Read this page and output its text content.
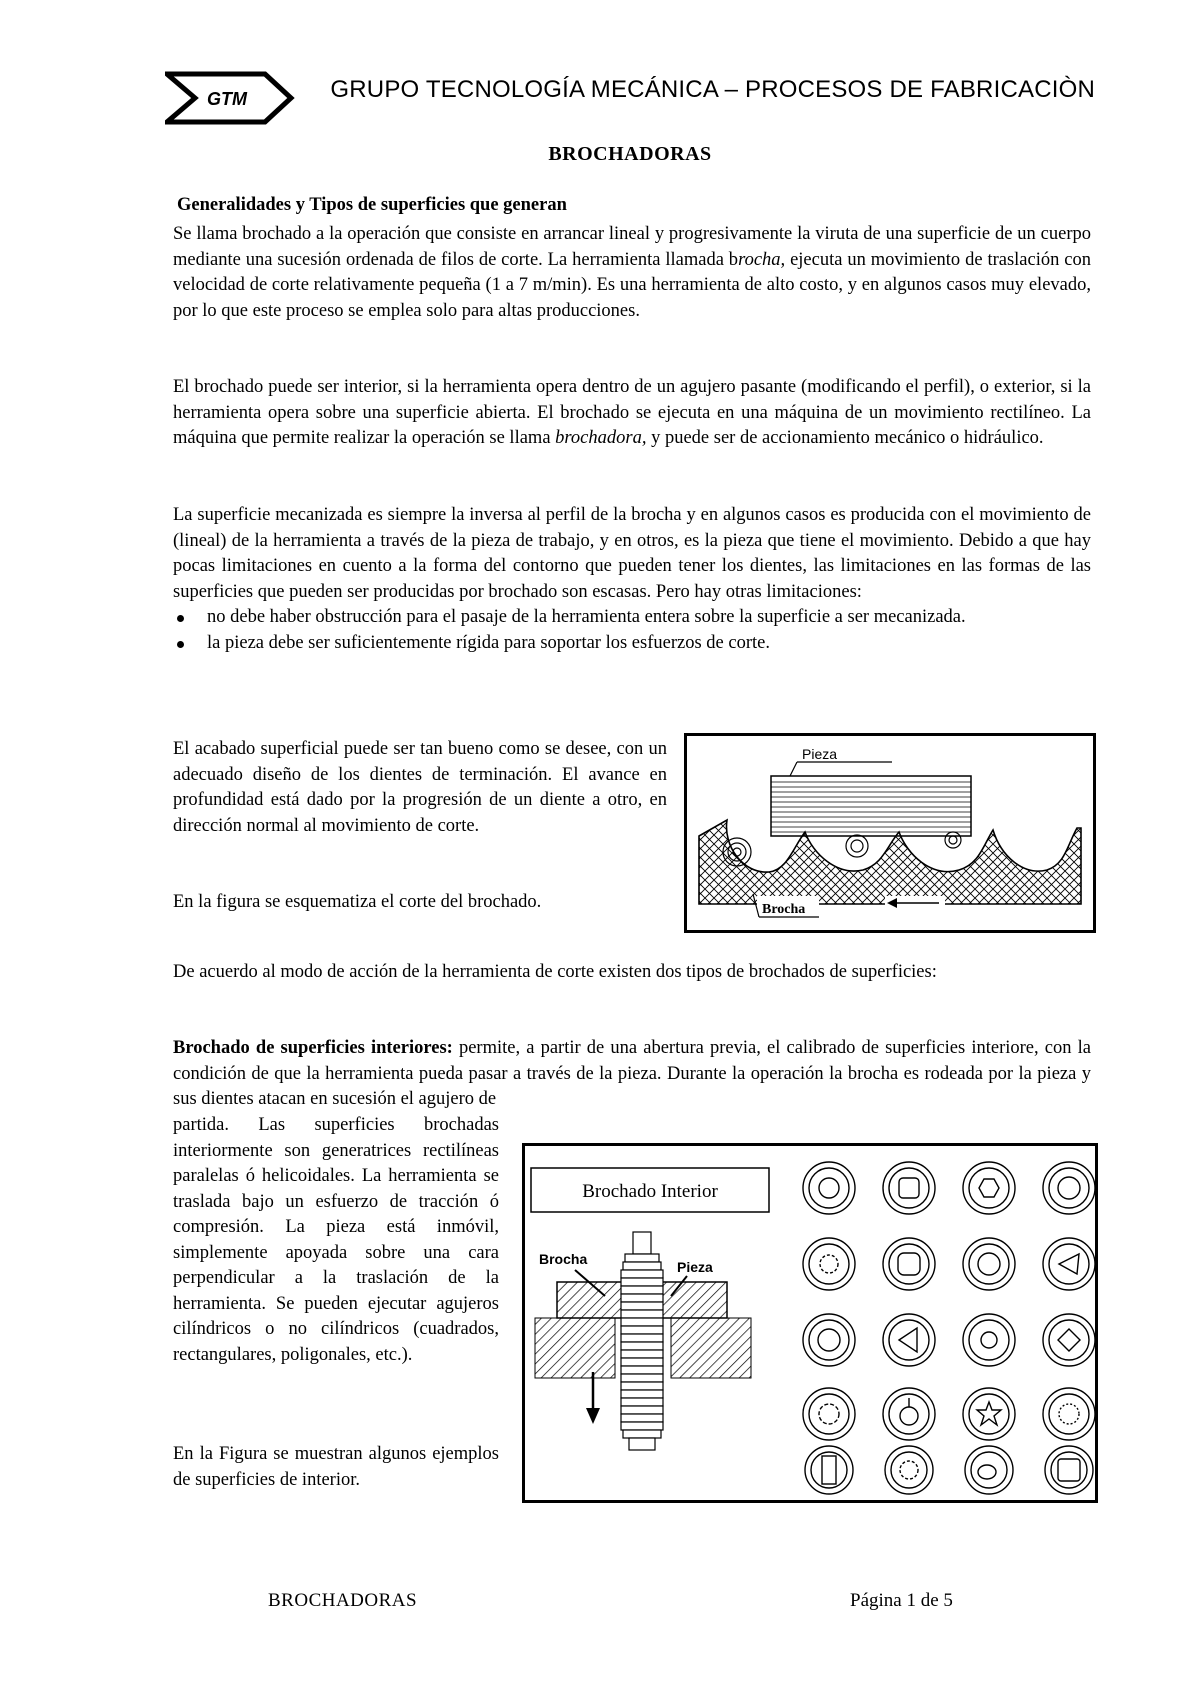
GTM	GRUPO TECNOLOGÍA MECÁNICA – PROCESOS DE FABRICACIÒN
BROCHADORAS
Generalidades y Tipos de superficies que generan

Se llama brochado a la operación que consiste en arrancar lineal y progresivamente la viruta de una superficie de un cuerpo mediante una sucesión ordenada de filos de corte. La herramienta llamada brocha, ejecuta un movimiento de traslación con velocidad de corte relativamente pequeña (1 a 7 m/min). Es una herramienta de alto costo, y en algunos casos muy elevado, por lo que este proceso se emplea solo para altas producciones.

El brochado puede ser interior, si la herramienta opera dentro de un agujero pasante (modificando el perfil), o exterior, si la herramienta opera sobre una superficie abierta. El brochado se ejecuta en una máquina de un movimiento rectilíneo. La máquina que permite realizar la operación se llama brochadora, y puede ser de accionamiento mecánico o hidráulico.

La superficie mecanizada es siempre la inversa al perfil de la brocha y en algunos casos es producida con el movimiento de (lineal) de la herramienta a través de la pieza de trabajo, y en otros, es la pieza que tiene el movimiento. Debido a que hay pocas limitaciones en cuento a la forma del contorno que pueden tener los dientes, las limitaciones en las formas de las superficies que pueden ser producidas por brochado son escasas. Pero hay otras limitaciones:

no debe haber obstrucción para el pasaje de la herramienta entera sobre la superficie a ser mecanizada.
la pieza debe ser suficientemente rígida para soportar los esfuerzos de corte.

El acabado superficial puede ser tan bueno como se desee, con un adecuado diseño de los dientes de terminación. El avance en profundidad está dado por la progresión de un diente a otro, en dirección normal al movimiento de corte.

En la figura se esquematiza el corte del brochado.

Pieza
Brocha

De acuerdo al modo de acción de la herramienta de corte existen dos tipos de brochados de superficies:

Brochado de superficies interiores: permite, a partir de una abertura previa, el calibrado de superficies interiore, con la condición de que la herramienta pueda pasar a través de la pieza. Durante la operación la brocha es rodeada por la pieza y sus dientes atacan en sucesión el agujero de

partida. Las superficies brochadas interiormente son generatrices rectilíneas paralelas ó helicoidales. La herramienta se traslada bajo un esfuerzo de tracción ó compresión. La pieza está inmóvil, simplemente apoyada sobre una cara perpendicular a la traslación de la herramienta. Se pueden ejecutar agujeros cilíndricos o no cilíndricos (cuadrados, rectangulares, poligonales, etc.).

En la Figura se muestran algunos ejemplos de superficies de interior.

Brochado Interior
Brocha	Pieza
BROCHADORAS	Página 1 de 5
